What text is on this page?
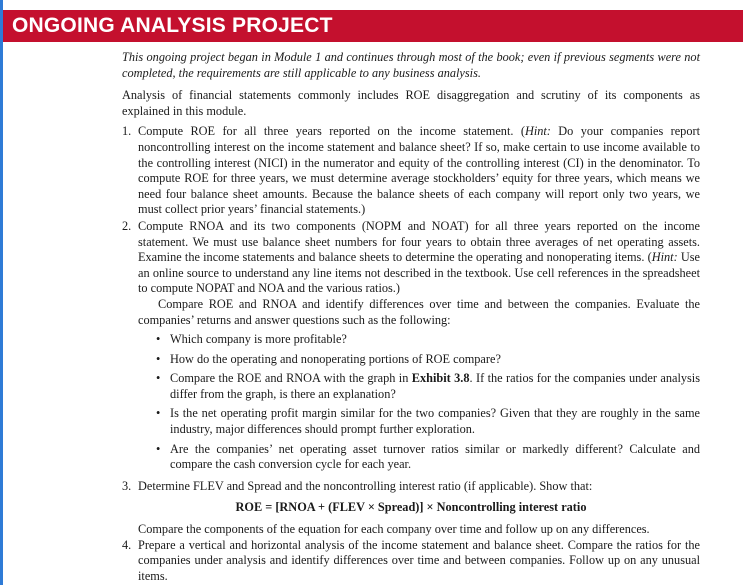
ONGOING ANALYSIS PROJECT

This ongoing project began in Module 1 and continues through most of the book; even if previous segments were not completed, the requirements are still applicable to any business analysis.

Analysis of financial statements commonly includes ROE disaggregation and scrutiny of its components as explained in this module.

1. Compute ROE for all three years reported on the income statement. (Hint: Do your companies report noncontrolling interest on the income statement and balance sheet? If so, make certain to use income available to the controlling interest (NICI) in the numerator and equity of the controlling interest (CI) in the denominator. To compute ROE for three years, we must determine average stockholders’ equity for three years, which means we need four balance sheet amounts. Because the balance sheets of each company will report only two years, we must collect prior years’ financial statements.)

2. Compute RNOA and its two components (NOPM and NOAT) for all three years reported on the income statement. We must use balance sheet numbers for four years to obtain three averages of net operating assets. Examine the income statements and balance sheets to determine the operating and nonoperating items. (Hint: Use an online source to understand any line items not described in the textbook. Use cell references in the spreadsheet to compute NOPAT and NOA and the various ratios.)

Compare ROE and RNOA and identify differences over time and between the companies. Evaluate the companies’ returns and answer questions such as the following:

• Which company is more profitable?
• How do the operating and nonoperating portions of ROE compare?
• Compare the ROE and RNOA with the graph in Exhibit 3.8. If the ratios for the companies under analysis differ from the graph, is there an explanation?
• Is the net operating profit margin similar for the two companies? Given that they are roughly in the same industry, major differences should prompt further exploration.
• Are the companies’ net operating asset turnover ratios similar or markedly different? Calculate and compare the cash conversion cycle for each year.
3. Determine FLEV and Spread and the noncontrolling interest ratio (if applicable). Show that:

ROE = [RNOA + (FLEV × Spread)] × Noncontrolling interest ratio

Compare the components of the equation for each company over time and follow up on any differences.

4. Prepare a vertical and horizontal analysis of the income statement and balance sheet. Compare the ratios for the companies under analysis and identify differences over time and between companies. Follow up on any unusual items.
